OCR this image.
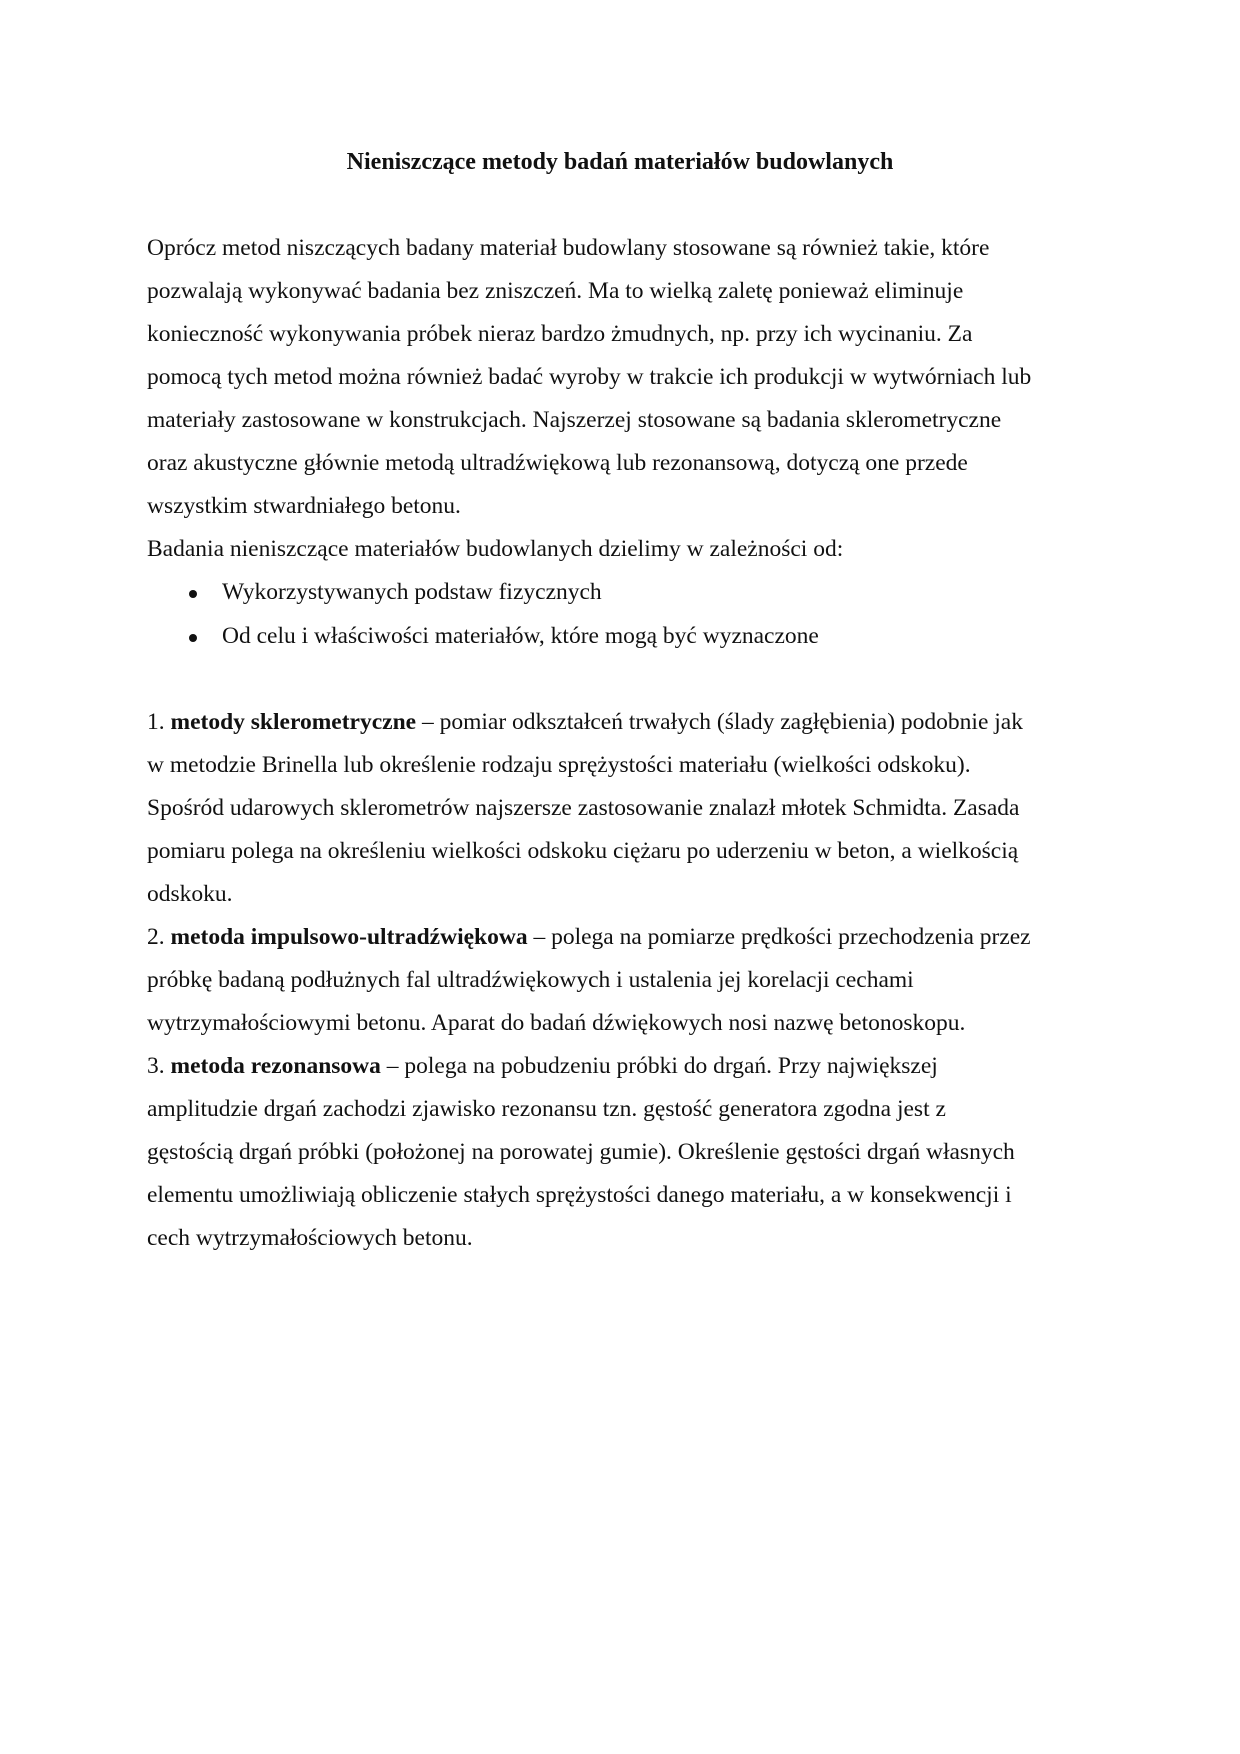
Nieniszczące metody badań materiałów budowlanych
Oprócz metod niszczących badany materiał budowlany stosowane są również takie, które
pozwalają wykonywać badania bez zniszczeń. Ma to wielką zaletę ponieważ eliminuje
konieczność wykonywania próbek nieraz bardzo żmudnych, np. przy ich wycinaniu. Za
pomocą tych metod można również badać wyroby w trakcie ich produkcji w wytwórniach lub
materiały zastosowane w konstrukcjach. Najszerzej stosowane są badania sklerometryczne
oraz akustyczne głównie metodą ultradźwiękową lub rezonansową, dotyczą one przede
wszystkim stwardniałego betonu.
Badania nieniszczące materiałów budowlanych dzielimy w zależności od:
Wykorzystywanych podstaw fizycznych
Od celu i właściwości materiałów, które mogą być wyznaczone
1. metody sklerometryczne – pomiar odkształceń trwałych (ślady zagłębienia) podobnie jak
w metodzie Brinella lub określenie rodzaju sprężystości materiału (wielkości odskoku).
Spośród udarowych sklerometrów najszersze zastosowanie znalazł młotek Schmidta. Zasada
pomiaru polega na określeniu wielkości odskoku ciężaru po uderzeniu w beton, a wielkością
odskoku.
2. metoda impulsowo-ultradźwiękowa – polega na pomiarze prędkości przechodzenia przez
próbkę badaną podłużnych fal ultradźwiękowych i ustalenia jej korelacji cechami
wytrzymałościowymi betonu. Aparat do badań dźwiękowych nosi nazwę betonoskopu.
3. metoda rezonansowa – polega na pobudzeniu próbki do drgań. Przy największej
amplitudzie drgań zachodzi zjawisko rezonansu tzn. gęstość generatora zgodna jest z
gęstością drgań próbki (położonej na porowatej gumie). Określenie gęstości drgań własnych
elementu umożliwiają obliczenie stałych sprężystości danego materiału, a w konsekwencji i
cech wytrzymałościowych betonu.
